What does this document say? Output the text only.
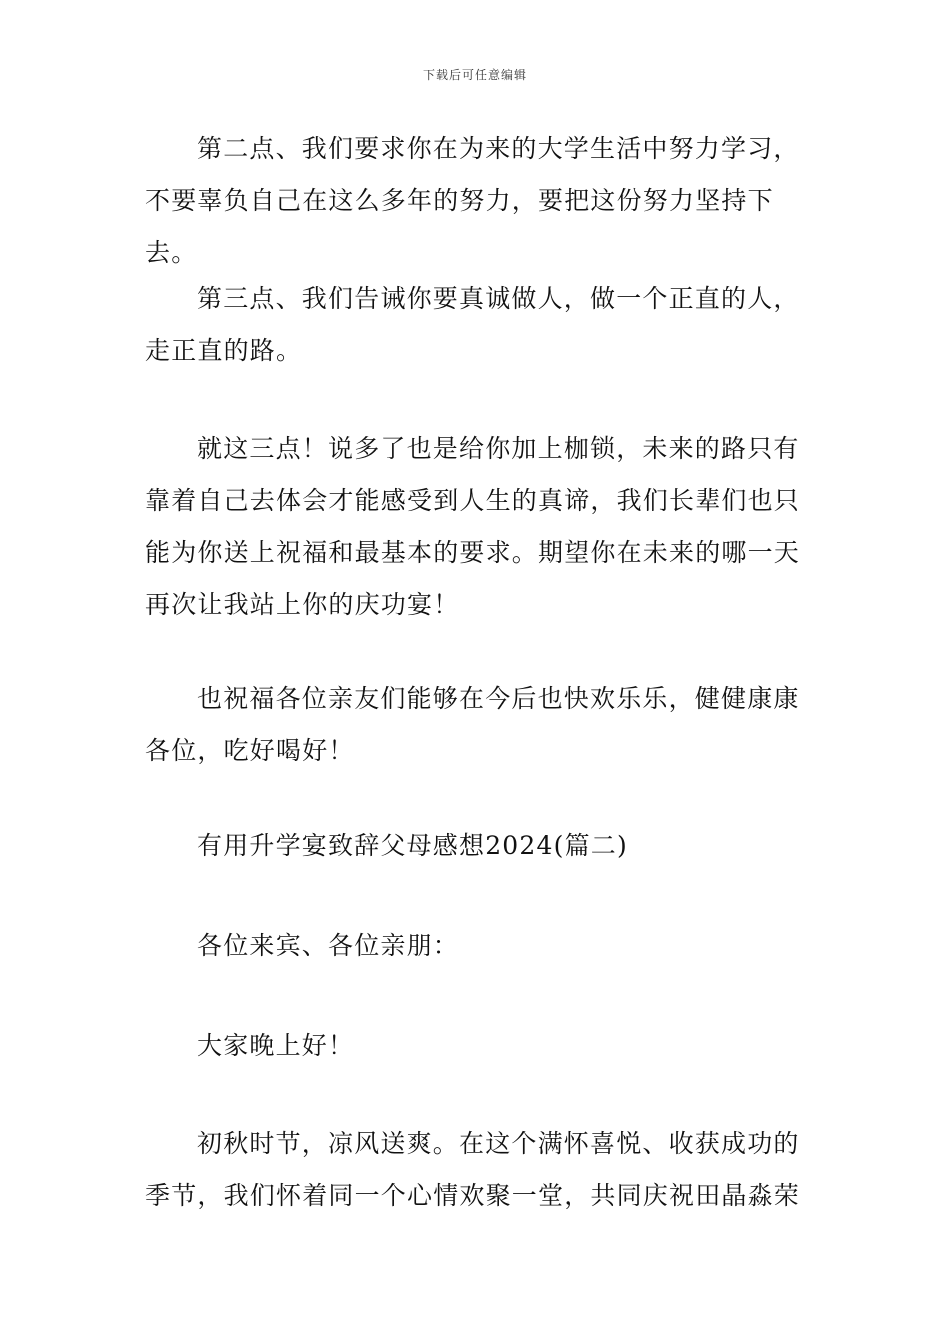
下载后可任意编辑

第二点、我们要求你在为来的大学生活中努力学习，不要辜负自己在这么多年的努力，要把这份努力坚持下去。

第三点、我们告诫你要真诚做人，做一个正直的人，走正直的路。

就这三点！说多了也是给你加上枷锁，未来的路只有靠着自己去体会才能感受到人生的真谛，我们长辈们也只能为你送上祝福和最基本的要求。期望你在未来的哪一天再次让我站上你的庆功宴！

也祝福各位亲友们能够在今后也快欢乐乐，健健康康各位，吃好喝好！

有用升学宴致辞父母感想2024(篇二)

各位来宾、各位亲朋：

大家晚上好！

初秋时节，凉风送爽。在这个满怀喜悦、收获成功的季节，我们怀着同一个心情欢聚一堂，共同庆祝田晶淼荣
